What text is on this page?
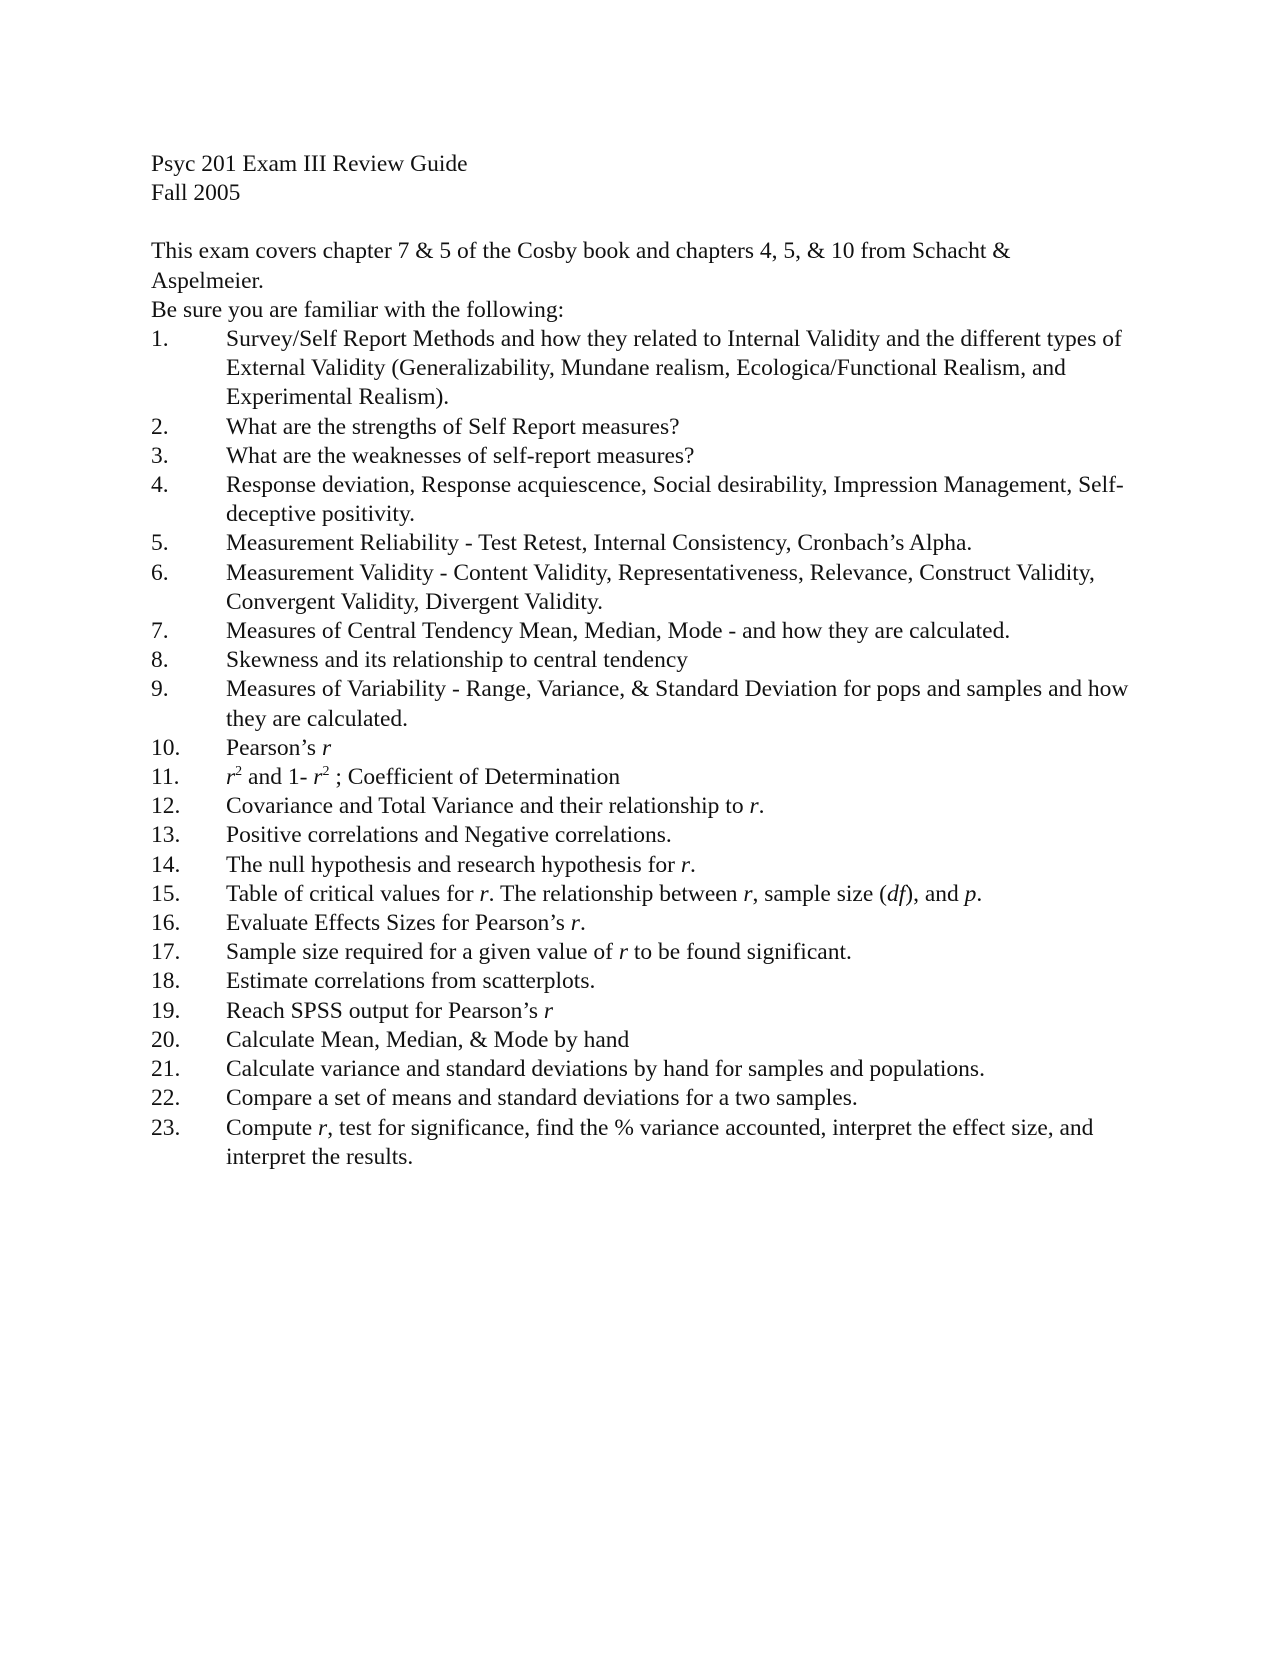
Psyc 201 Exam III Review Guide
Fall 2005
This exam covers chapter 7 & 5 of the Cosby book and chapters 4, 5, & 10 from Schacht &
Aspelmeier.
Be sure you are familiar with the following:
1.	Survey/Self Report Methods and how they related to Internal Validity and the different types of External Validity (Generalizability, Mundane realism, Ecologica/Functional Realism, and Experimental Realism).
2.	What are the strengths of Self Report measures?
3.	What are the weaknesses of self-report measures?
4.	Response deviation, Response acquiescence, Social desirability, Impression Management, Self-deceptive positivity.
5.	Measurement Reliability - Test Retest, Internal Consistency, Cronbach’s Alpha.
6.	Measurement Validity - Content Validity, Representativeness, Relevance, Construct Validity, Convergent Validity, Divergent Validity.
7.	Measures of Central Tendency Mean, Median, Mode - and how they are calculated.
8.	Skewness and its relationship to central tendency
9.	Measures of Variability - Range, Variance, & Standard Deviation for pops and samples and how they are calculated.
10.	Pearson’s r
11.	$r^2$ and 1- $r^2$ ; Coefficient of Determination
12.	Covariance and Total Variance and their relationship to r.
13.	Positive correlations and Negative correlations.
14.	The null hypothesis and research hypothesis for r.
15.	Table of critical values for r. The relationship between r, sample size (df), and p.
16.	Evaluate Effects Sizes for Pearson’s r.
17.	Sample size required for a given value of r to be found significant.
18.	Estimate correlations from scatterplots.
19.	Reach SPSS output for Pearson’s r
20.	Calculate Mean, Median, & Mode by hand
21.	Calculate variance and standard deviations by hand for samples and populations.
22.	Compare a set of means and standard deviations for a two samples.
23.	Compute r, test for significance, find the % variance accounted, interpret the effect size, and interpret the results.
